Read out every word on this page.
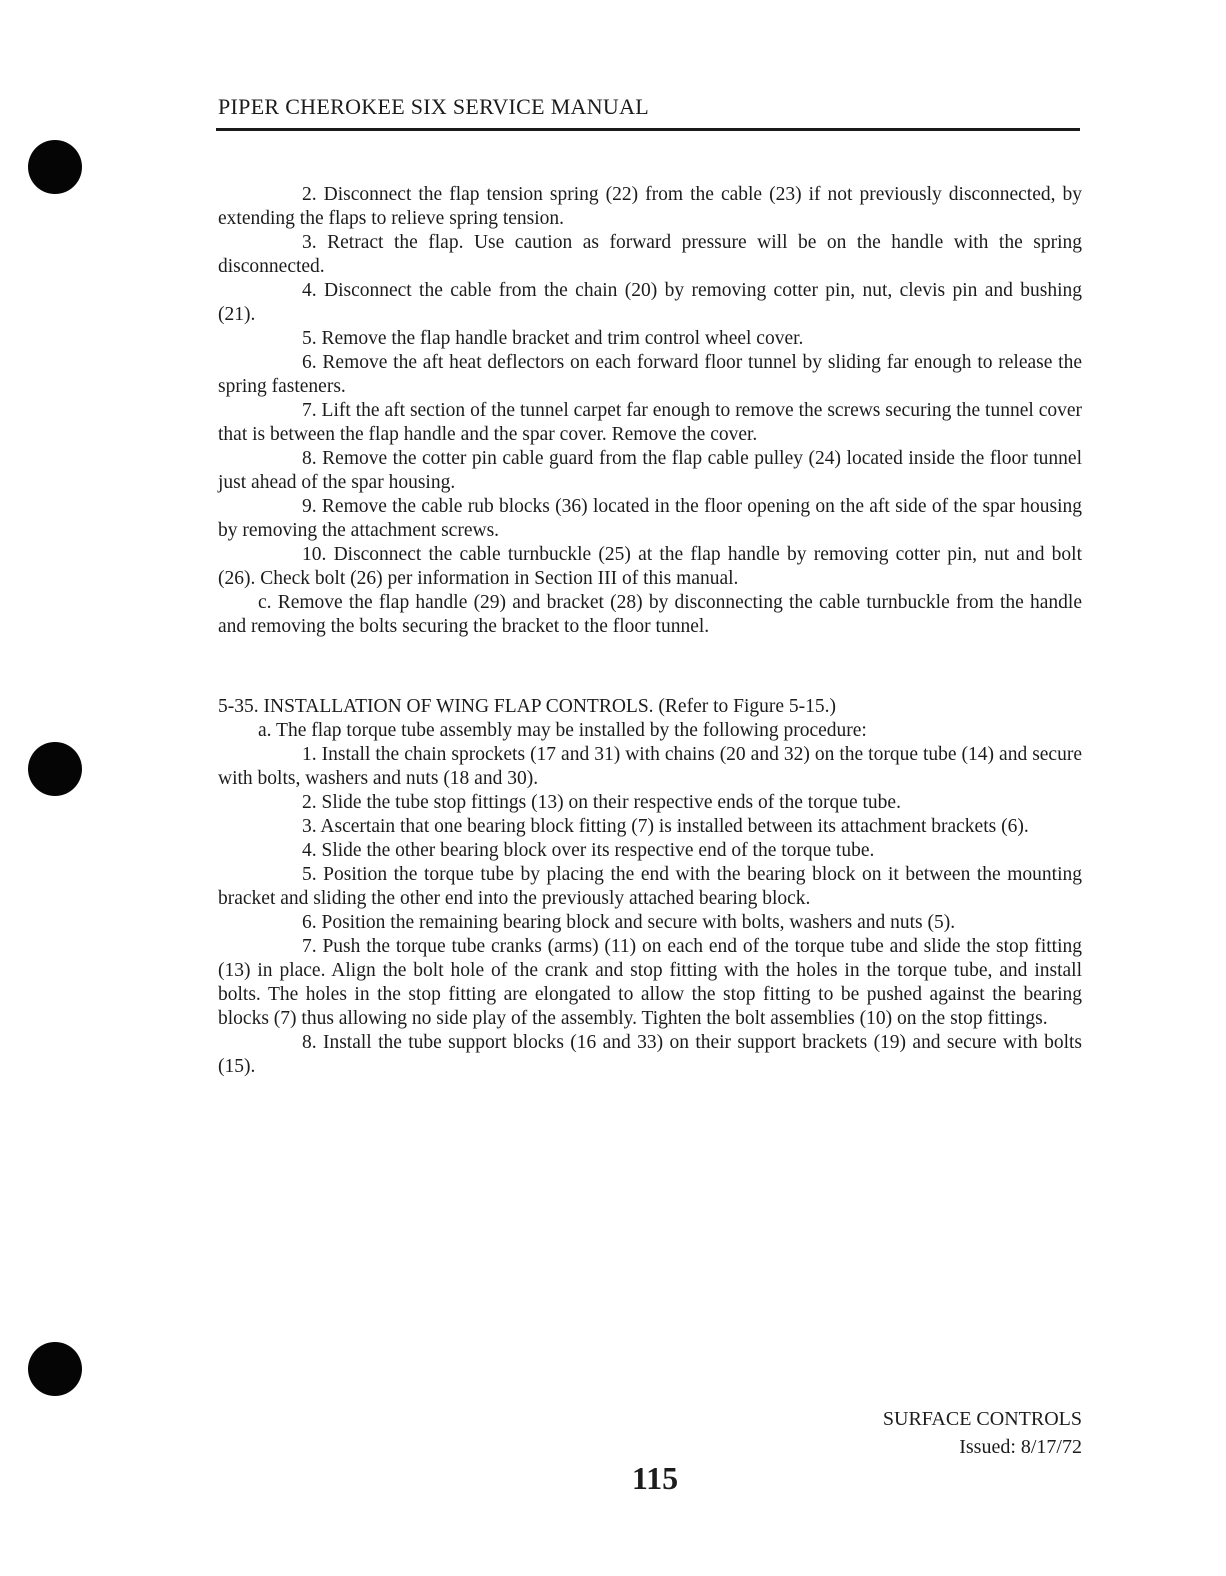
PIPER CHEROKEE SIX SERVICE MANUAL

2. Disconnect the flap tension spring (22) from the cable (23) if not previously disconnected, by extending the flaps to relieve spring tension.

3. Retract the flap. Use caution as forward pressure will be on the handle with the spring disconnected.

4. Disconnect the cable from the chain (20) by removing cotter pin, nut, clevis pin and bushing (21).

5. Remove the flap handle bracket and trim control wheel cover.

6. Remove the aft heat deflectors on each forward floor tunnel by sliding far enough to release the spring fasteners.

7. Lift the aft section of the tunnel carpet far enough to remove the screws securing the tunnel cover that is between the flap handle and the spar cover. Remove the cover.

8. Remove the cotter pin cable guard from the flap cable pulley (24) located inside the floor tunnel just ahead of the spar housing.

9. Remove the cable rub blocks (36) located in the floor opening on the aft side of the spar housing by removing the attachment screws.

10. Disconnect the cable turnbuckle (25) at the flap handle by removing cotter pin, nut and bolt (26). Check bolt (26) per information in Section III of this manual.

c. Remove the flap handle (29) and bracket (28) by disconnecting the cable turnbuckle from the handle and removing the bolts securing the bracket to the floor tunnel.

5-35. INSTALLATION OF WING FLAP CONTROLS. (Refer to Figure 5-15.)

a. The flap torque tube assembly may be installed by the following procedure:

1. Install the chain sprockets (17 and 31) with chains (20 and 32) on the torque tube (14) and secure with bolts, washers and nuts (18 and 30).

2. Slide the tube stop fittings (13) on their respective ends of the torque tube.

3. Ascertain that one bearing block fitting (7) is installed between its attachment brackets (6).

4. Slide the other bearing block over its respective end of the torque tube.

5. Position the torque tube by placing the end with the bearing block on it between the mounting bracket and sliding the other end into the previously attached bearing block.

6. Position the remaining bearing block and secure with bolts, washers and nuts (5).

7. Push the torque tube cranks (arms) (11) on each end of the torque tube and slide the stop fitting (13) in place. Align the bolt hole of the crank and stop fitting with the holes in the torque tube, and install bolts. The holes in the stop fitting are elongated to allow the stop fitting to be pushed against the bearing blocks (7) thus allowing no side play of the assembly. Tighten the bolt assemblies (10) on the stop fittings.

8. Install the tube support blocks (16 and 33) on their support brackets (19) and secure with bolts (15).

SURFACE CONTROLS
Issued: 8/17/72
115
